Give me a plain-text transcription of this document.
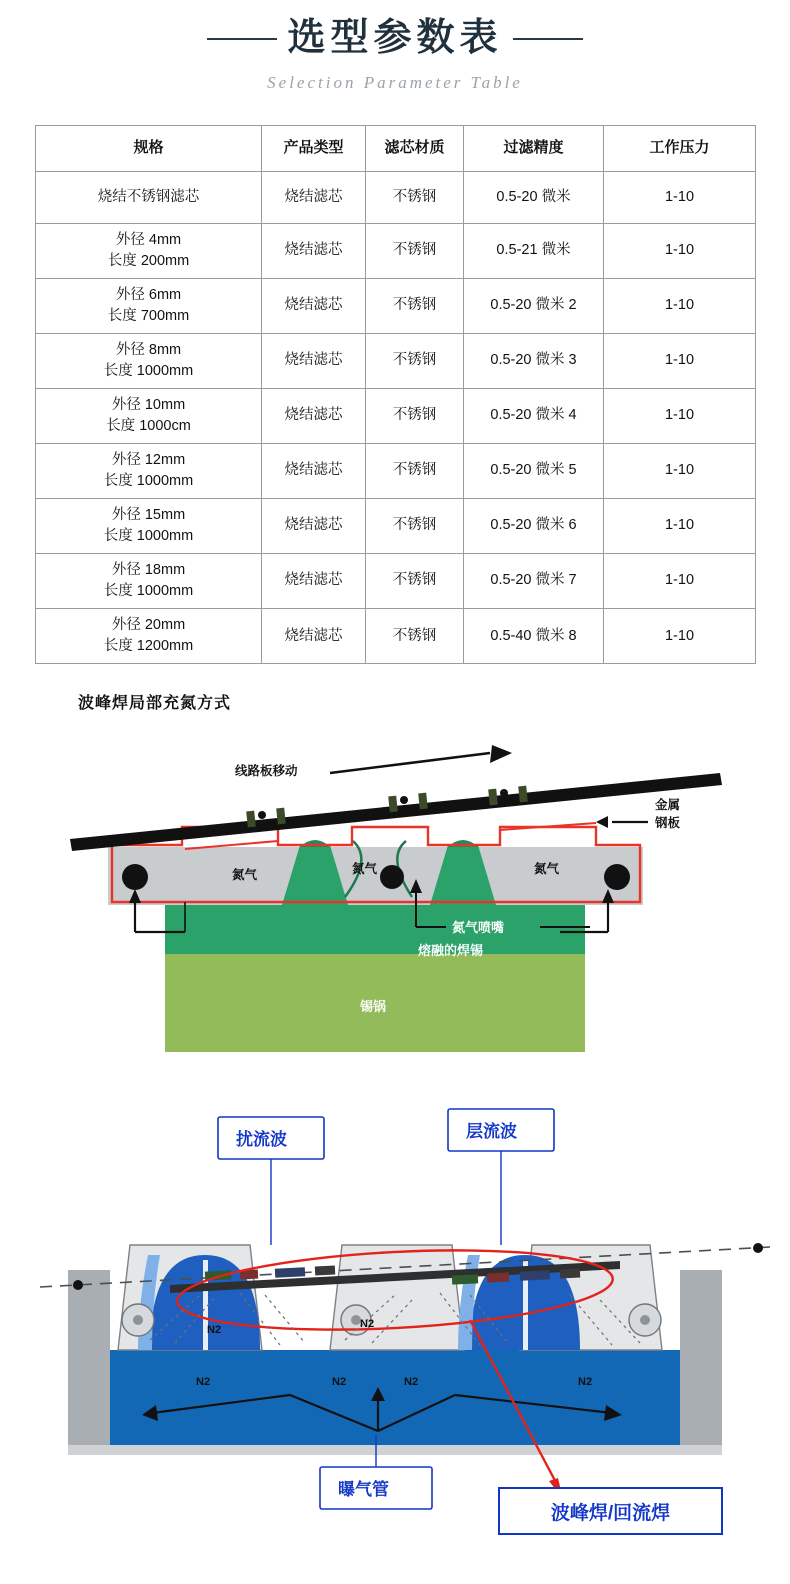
选型参数表
Selection Parameter Table
规格	产品类型	滤芯材质	过滤精度	工作压力

烧结不锈钢滤芯	烧结滤芯	不锈钢	0.5-20 微米	1-10

外径 4mm
长度 200mm	烧结滤芯	不锈钢	0.5-21 微米	1-10

外径 6mm
长度 700mm	烧结滤芯	不锈钢	0.5-20 微米 2	1-10

外径 8mm
长度 1000mm	烧结滤芯	不锈钢	0.5-20 微米 3	1-10

外径 10mm
长度 1000cm	烧结滤芯	不锈钢	0.5-20 微米 4	1-10

外径 12mm
长度 1000mm	烧结滤芯	不锈钢	0.5-20 微米 5	1-10

外径 15mm
长度 1000mm	烧结滤芯	不锈钢	0.5-20 微米 6	1-10

外径 18mm
长度 1000mm	烧结滤芯	不锈钢	0.5-20 微米 7	1-10

外径 20mm
长度 1200mm	烧结滤芯	不锈钢	0.5-40 微米 8	1-10
波峰焊局部充氮方式
线路板移动
金属
钢板
氮气	氮气	氮气
氮气喷嘴
熔融的焊锡
锡锅
N2
N2	N2
N2
N2	N2
扰流波	层流波
曝气管
波峰焊/回流焊
